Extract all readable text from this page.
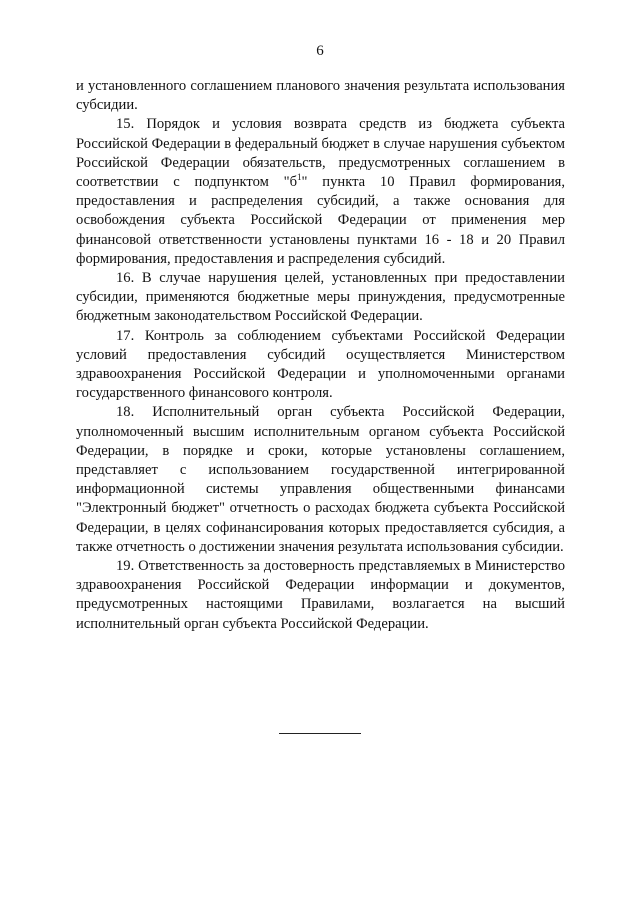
6

и установленного соглашением планового значения результата использования субсидии.

15. Порядок и условия возврата средств из бюджета субъекта Российской Федерации в федеральный бюджет в случае нарушения субъектом Российской Федерации обязательств, предусмотренных соглашением в соответствии с подпунктом "$б^1$" пункта 10 Правил формирования, предоставления и распределения субсидий, а также основания для освобождения субъекта Российской Федерации от применения мер финансовой ответственности установлены пунктами 16 - 18 и 20 Правил формирования, предоставления и распределения субсидий.

16. В случае нарушения целей, установленных при предоставлении субсидии, применяются бюджетные меры принуждения, предусмотренные бюджетным законодательством Российской Федерации.

17. Контроль за соблюдением субъектами Российской Федерации условий предоставления субсидий осуществляется Министерством здравоохранения Российской Федерации и уполномоченными органами государственного финансового контроля.

18. Исполнительный орган субъекта Российской Федерации, уполномоченный высшим исполнительным органом субъекта Российской Федерации, в порядке и сроки, которые установлены соглашением, представляет с использованием государственной интегрированной информационной системы управления общественными финансами "Электронный бюджет" отчетность о расходах бюджета субъекта Российской Федерации, в целях софинансирования которых предоставляется субсидия, а также отчетность о достижении значения результата использования субсидии.

19. Ответственность за достоверность представляемых в Министерство здравоохранения Российской Федерации информации и документов, предусмотренных настоящими Правилами, возлагается на высший исполнительный орган субъекта Российской Федерации.
